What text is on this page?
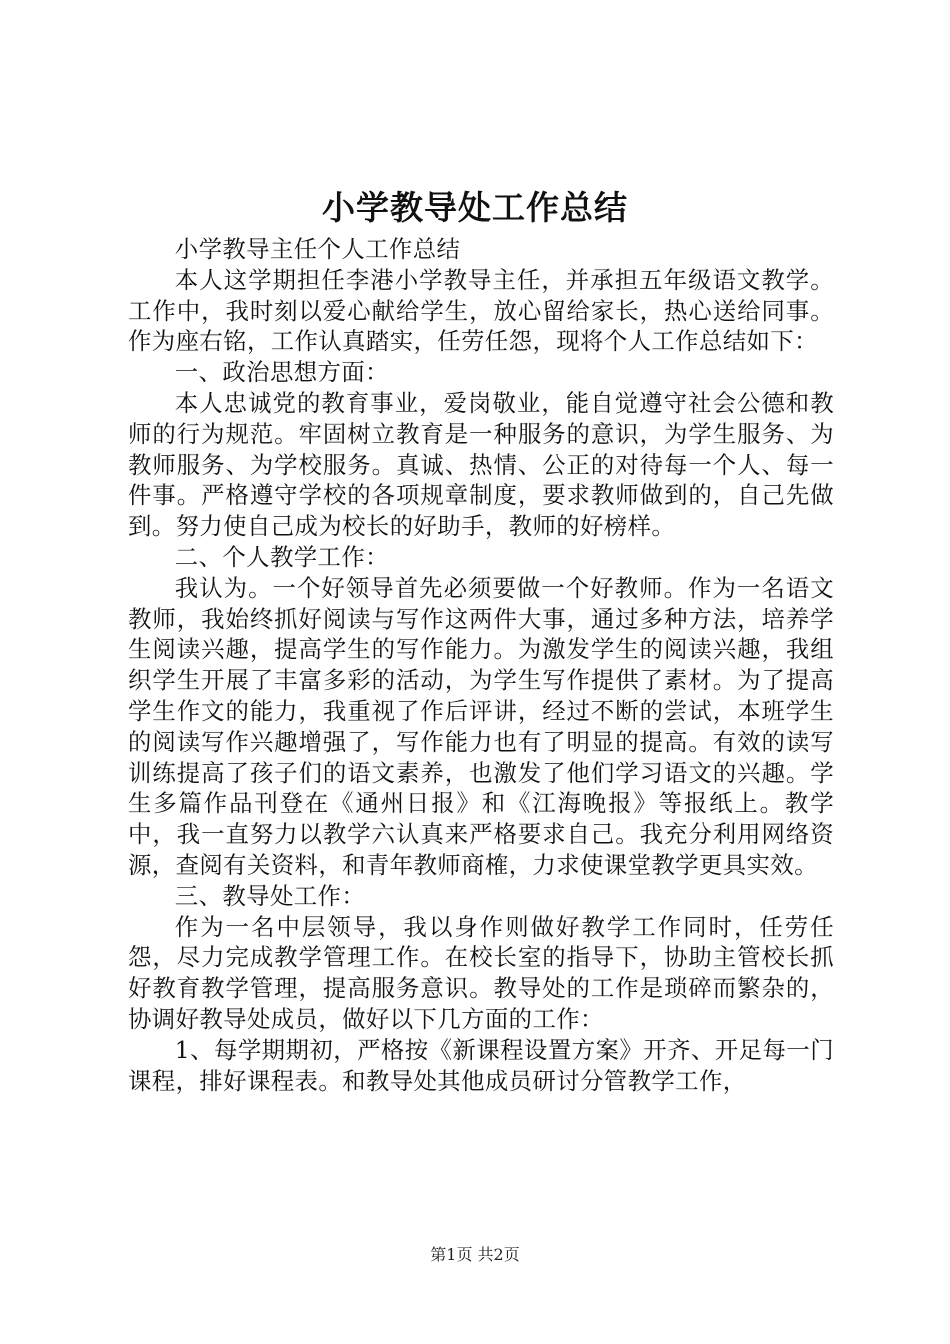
小学教导处工作总结

小学教导主任个人工作总结

本人这学期担任李港小学教导主任，并承担五年级语文教学。工作中，我时刻以爱心献给学生，放心留给家长，热心送给同事。作为座右铭，工作认真踏实，任劳任怨，现将个人工作总结如下：

一、政治思想方面：

本人忠诚党的教育事业，爱岗敬业，能自觉遵守社会公德和教师的行为规范。牢固树立教育是一种服务的意识，为学生服务、为教师服务、为学校服务。真诚、热情、公正的对待每一个人、每一件事。严格遵守学校的各项规章制度，要求教师做到的，自己先做到。努力使自己成为校长的好助手，教师的好榜样。

二、个人教学工作：

我认为。一个好领导首先必须要做一个好教师。作为一名语文教师，我始终抓好阅读与写作这两件大事，通过多种方法，培养学生阅读兴趣，提高学生的写作能力。为激发学生的阅读兴趣，我组织学生开展了丰富多彩的活动，为学生写作提供了素材。为了提高学生作文的能力，我重视了作后评讲，经过不断的尝试，本班学生的阅读写作兴趣增强了，写作能力也有了明显的提高。有效的读写训练提高了孩子们的语文素养，也激发了他们学习语文的兴趣。学生多篇作品刊登在《通州日报》和《江海晚报》等报纸上。教学中，我一直努力以教学六认真来严格要求自己。我充分利用网络资源，查阅有关资料，和青年教师商榷，力求使课堂教学更具实效。

三、教导处工作：

作为一名中层领导，我以身作则做好教学工作同时，任劳任怨，尽力完成教学管理工作。在校长室的指导下，协助主管校长抓好教育教学管理，提高服务意识。教导处的工作是琐碎而繁杂的，协调好教导处成员，做好以下几方面的工作：

1、每学期期初，严格按《新课程设置方案》开齐、开足每一门课程，排好课程表。和教导处其他成员研讨分管教学工作，

第1页 共2页
